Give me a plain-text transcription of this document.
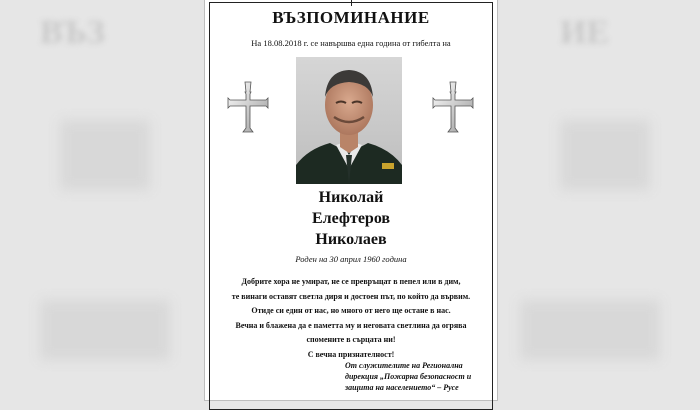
ВЪЗ	ИЕ
ВЪЗПОМИНАНИЕ
На 18.08.2018 г. се навършва една година от гибелта на
Николай
Елефтеров
Николаев
Роден на 30 април 1960 година
Добрите хора не умират, не се превръщат в пепел или в дим,
те винаги оставят светла диря и достоен път, по който да вървим.
Отиде си един от нас, но много от него ще остане в нас.
Вечна и блажена да е паметта му и неговата светлина да огрява
спомените в сърцата ни!
С вечна признателност!
От служителите на Регионална
дирекция „Пожарна безопасност и
защита на населението“ – Русе
